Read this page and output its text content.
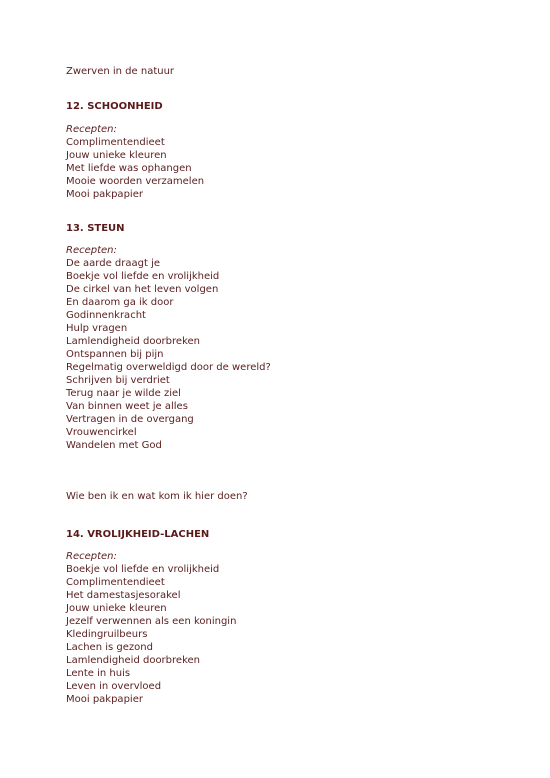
Zwerven in de natuur
12. SCHOONHEID
Recepten:
Complimentendieet
Jouw unieke kleuren
Met liefde was ophangen
Mooie woorden verzamelen
Mooi pakpapier
13. STEUN
Recepten:
De aarde draagt je
Boekje vol liefde en vrolijkheid
De cirkel van het leven volgen
En daarom ga ik door
Godinnenkracht
Hulp vragen
Lamlendigheid doorbreken
Ontspannen bij pijn
Regelmatig overweldigd door de wereld?
Schrijven bij verdriet
Terug naar je wilde ziel
Van binnen weet je alles
Vertragen in de overgang
Vrouwencirkel
Wandelen met God
Wie ben ik en wat kom ik hier doen?
14. VROLIJKHEID-LACHEN
Recepten:
Boekje vol liefde en vrolijkheid
Complimentendieet
Het damestasjesorakel
Jouw unieke kleuren
Jezelf verwennen als een koningin
Kledingruilbeurs
Lachen is gezond
Lamlendigheid doorbreken
Lente in huis
Leven in overvloed
Mooi pakpapier
